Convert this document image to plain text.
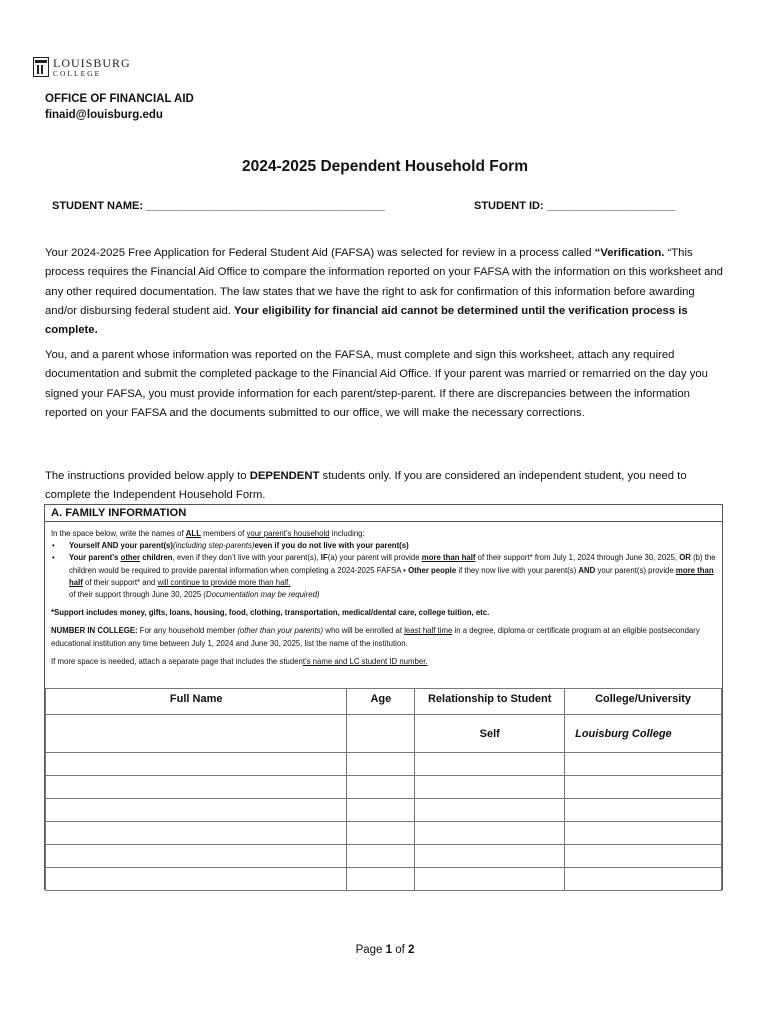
LOUISBURG
COLLEGE
OFFICE OF FINANCIAL AID
finaid@louisburg.edu
2024-2025 Dependent Household Form
STUDENT NAME: _______________________________________	STUDENT ID: _____________________
Your 2024-2025 Free Application for Federal Student Aid (FAFSA) was selected for review in a process called “Verification. “This process requires the Financial Aid Office to compare the information reported on your FAFSA with the information on this worksheet and any other required documentation. The law states that we have the right to ask for confirmation of this information before awarding and/or disbursing federal student aid. Your eligibility for financial aid cannot be determined until the verification process is complete.
You, and a parent whose information was reported on the FAFSA, must complete and sign this worksheet, attach any required documentation and submit the completed package to the Financial Aid Office. If your parent was married or remarried on the day you signed your FAFSA, you must provide information for each parent/step-parent. If there are discrepancies between the information reported on your FAFSA and the documents submitted to our office, we will make the necessary corrections.
The instructions provided below apply to DEPENDENT students only. If you are considered an independent student, you need to complete the Independent Household Form.
A. FAMILY INFORMATION
In the space below, write the names of ALL members of your parent’s household including:
•	Yourself AND your parent(s)(including step-parents)even if you do not live with your parent(s)
•	Your parent’s other children, even if they don’t live with your parent(s), IF(a) your parent will provide more than half of their support* from July 1, 2024 through June 30, 2025, OR (b) the children would be required to provide parental information when completing a 2024-2025 FAFSA • Other people if they now live with your parent(s) AND your parent(s) provide more than half of their support* and will continue to provide more than half.
of their support through June 30, 2025 (Documentation may be required)
*Support includes money, gifts, loans, housing, food, clothing, transportation, medical/dental care, college tuition, etc.
NUMBER IN COLLEGE: For any household member (other than your parents) who will be enrolled at least half time in a degree, diploma or certificate program at an eligible postsecondary educational institution any time between July 1, 2024 and June 30, 2025, list the name of the institution.
If more space is needed, attach a separate page that includes the student’s name and LC student ID number.
Full Name	Age	Relationship to Student	College/University
		Self	Louisburg College

Page 1 of 2
